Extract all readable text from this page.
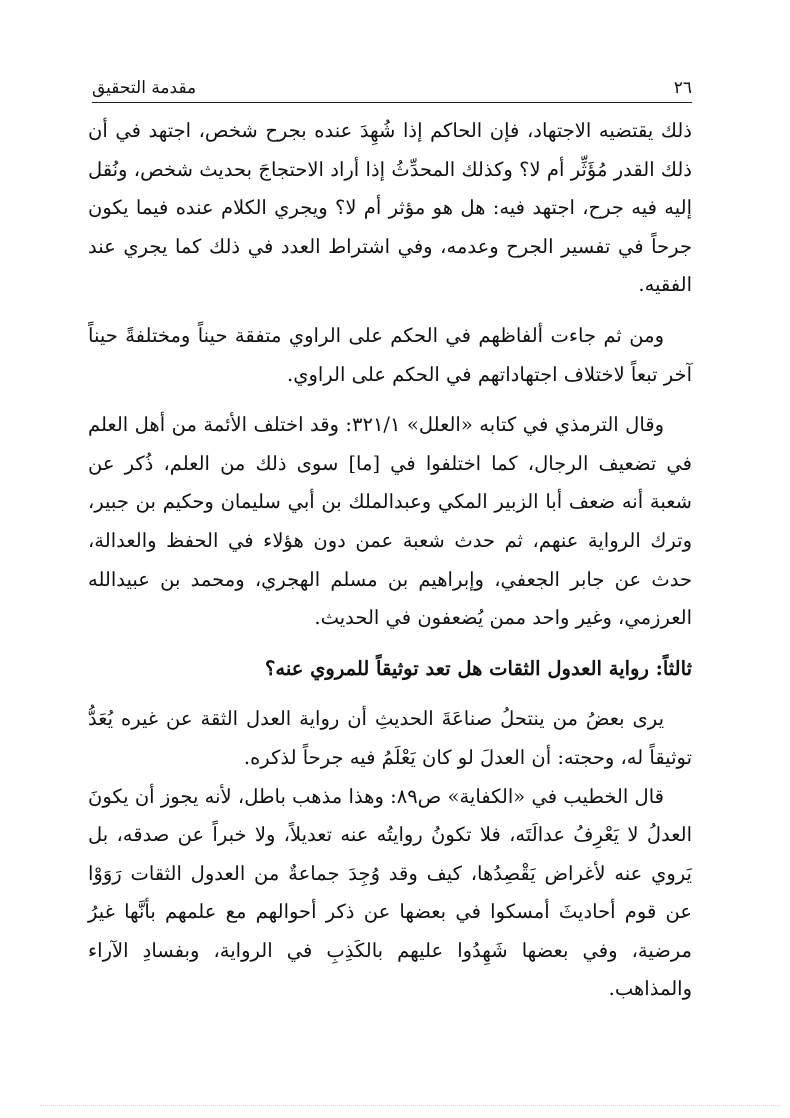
٢٦
مقدمة التحقيق

ذلك يقتضيه الاجتهاد، فإن الحاكم إذا شُهِدَ عنده بجرح شخص، اجتهد في أن ذلك القدر مُؤَثِّر أم لا؟ وكذلك المحدِّثُ إذا أراد الاحتجاجَ بحديث شخص، ونُقل إليه فيه جرح، اجتهد فيه: هل هو مؤثر أم لا؟ ويجري الكلام عنده فيما يكون جرحاً في تفسير الجرح وعدمه، وفي اشتراط العدد في ذلك كما يجري عند الفقيه.

ومن ثم جاءت ألفاظهم في الحكم على الراوي متفقة حيناً ومختلفةً حيناً آخر تبعاً لاختلاف اجتهاداتهم في الحكم على الراوي.

وقال الترمذي في كتابه «العلل» ٣٢١/١: وقد اختلف الأئمة من أهل العلم في تضعيف الرجال، كما اختلفوا في [ما] سوى ذلك من العلم، ذُكر عن شعبة أنه ضعف أبا الزبير المكي وعبدالملك بن أبي سليمان وحكيم بن جبير، وترك الرواية عنهم، ثم حدث شعبة عمن دون هؤلاء في الحفظ والعدالة، حدث عن جابر الجعفي، وإبراهيم بن مسلم الهجري، ومحمد بن عبيدالله العرزمي، وغير واحد ممن يُضعفون في الحديث.

ثالثاً: رواية العدول الثقات هل تعد توثيقاً للمروي عنه؟

يرى بعضُ من ينتحلُ صناعَةَ الحديثِ أن رواية العدل الثقة عن غيره يُعَدُّ توثيقاً له، وحجته: أن العدلَ لو كان يَعْلَمُ فيه جرحاً لذكره.

قال الخطيب في «الكفاية» ص٨٩: وهذا مذهب باطل، لأنه يجوز أن يكونَ العدلُ لا يَعْرِفُ عدالَتَه، فلا تكونُ روايتُه عنه تعديلاً، ولا خبراً عن صدقه، بل يَروي عنه لأغراض يَقْصِدُها، كيف وقد وُجِدَ جماعةٌ من العدول الثقات رَوَوْا عن قوم أحاديثَ أمسكوا في بعضها عن ذكر أحوالهم مع علمهم بأنَّها غيرُ مرضية، وفي بعضها شَهِدُوا عليهم بالكَذِبِ في الرواية، وبفسادِ الآراء والمذاهب.
